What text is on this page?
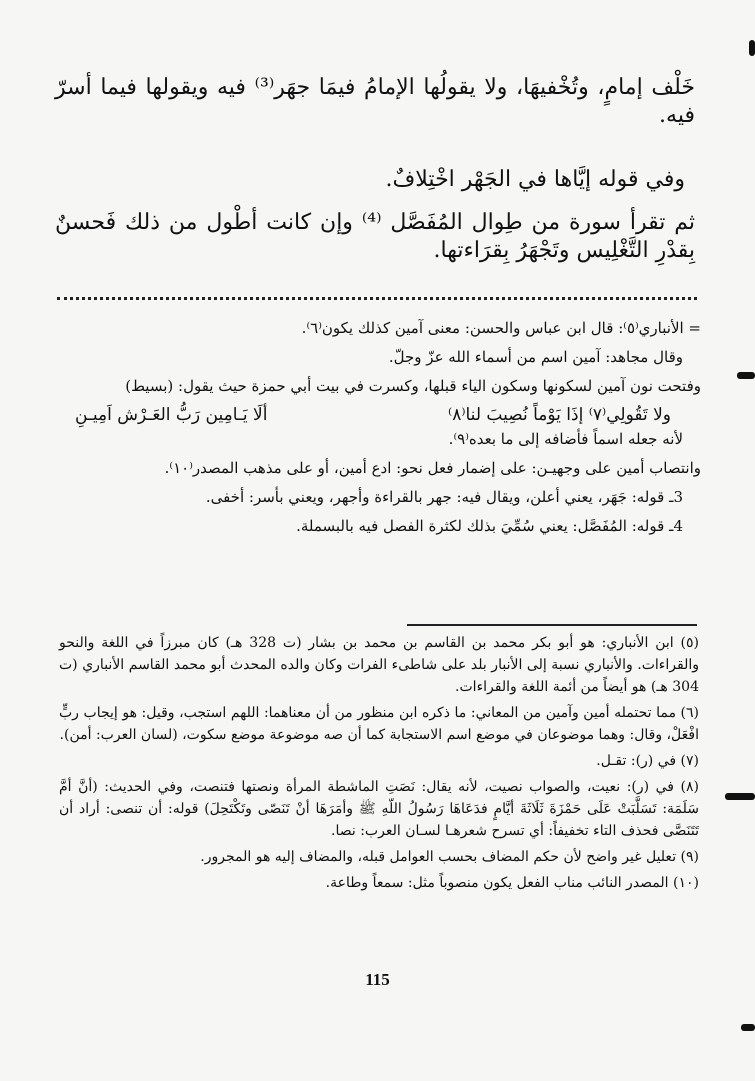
خَلْف إمامٍ، وتُخْفيهَا، ولا يقولُها الإمامُ فيمَا جهَر⁽³⁾ فيه ويقولها فيما أسرّ فيه.

وفي قوله إيَّاها في الجَهْر اخْتِلافٌ.

ثم تقرأ سورة من طِوال المُفَصَّل ⁽⁴⁾ وإن كانت أطْول من ذلك فَحسنٌ بِقدْرِ التَّغْلِيس وتَجْهَرُ بِقرَاءتها.

= الأنباري⁽٥⁾: قال ابن عباس والحسن: معنى آمين كذلك يكون⁽٦⁾.

وقال مجاهد: آمين اسم من أسماء الله عزّ وجلّ.

وفتحت نون آمين لسكونها وسكون الياء قبلها، وكسرت في بيت أبي حمزة حيث يقول: (بسيط)

ولا تَقُولِي⁽٧⁾ إذَا يَوْماً نُصِيبَ لنا⁽٨⁾
ألَا يَـامِين رَبُّ العَـرْش اَمِيـنِ

لأنه جعله اسماً فأضافه إلى ما بعده⁽٩⁾.

وانتصاب أمين على وجهيـن: على إضمار فعل نحو: ادع أمين، أو على مذهب المصدر⁽١٠⁾.

3ـ قوله: جَهَر، يعني أعلن، ويقال فيه: جهر بالقراءة وأجهر، ويعني بأسر: أخفى.

4ـ قوله: المُفَصَّل: يعني سُمِّيَ بذلك لكثرة الفصل فيه بالبسملة.

(٥) ابن الأنباري: هو أبو بكر محمد بن القاسم بن محمد بن بشار (ت 328 هـ) كان مبرزاً في اللغة والنحو والقراءات. والأنباري نسبة إلى الأنبار بلد على شاطىء الفرات وكان والده المحدث أبو محمد القاسم الأنباري (ت 304 هـ) هو أيضاً من أئمة اللغة والقراءات.

(٦) مما تحتمله أمين وآمين من المعاني: ما ذكره ابن منظور من أن معناهما: اللهم استجب، وقيل: هو إيجاب ربٍّ افْعَلْ، وقال: وهما موضوعان في موضع اسم الاستجابة كما أن صه موضوعة موضع سكوت، (لسان العرب: أمن).

(٧) في (ر): تقـل.

(٨) في (ر): نعيت، والصواب نصيت، لأنه يقال: نَصَتِ الماشطة المرأة ونصتها فتنصت، وفي الحديث: (أنَّ أمَّ سَلَمَة: تَسَلَّبَتْ عَلَى حَمْزَةَ ثَلَاثَةَ أيَّامٍ فدَعَاهَا رَسُولُ اللّهِ ﷺ وأمَرَهَا أنْ تَنَصّى وتَكْتَحِلَ) قوله: أن تنصى: أراد أن تَتَنَصَّى فحذف التاء تخفيفاً: أي تسرح شعرهـا لسـان العرب: نصا.

(٩) تعليل غير واضح لأن حكم المضاف بحسب العوامل قبله، والمضاف إليه هو المجرور.

(١٠) المصدر النائب مناب الفعل يكون منصوباً مثل: سمعاً وطاعة.

115
